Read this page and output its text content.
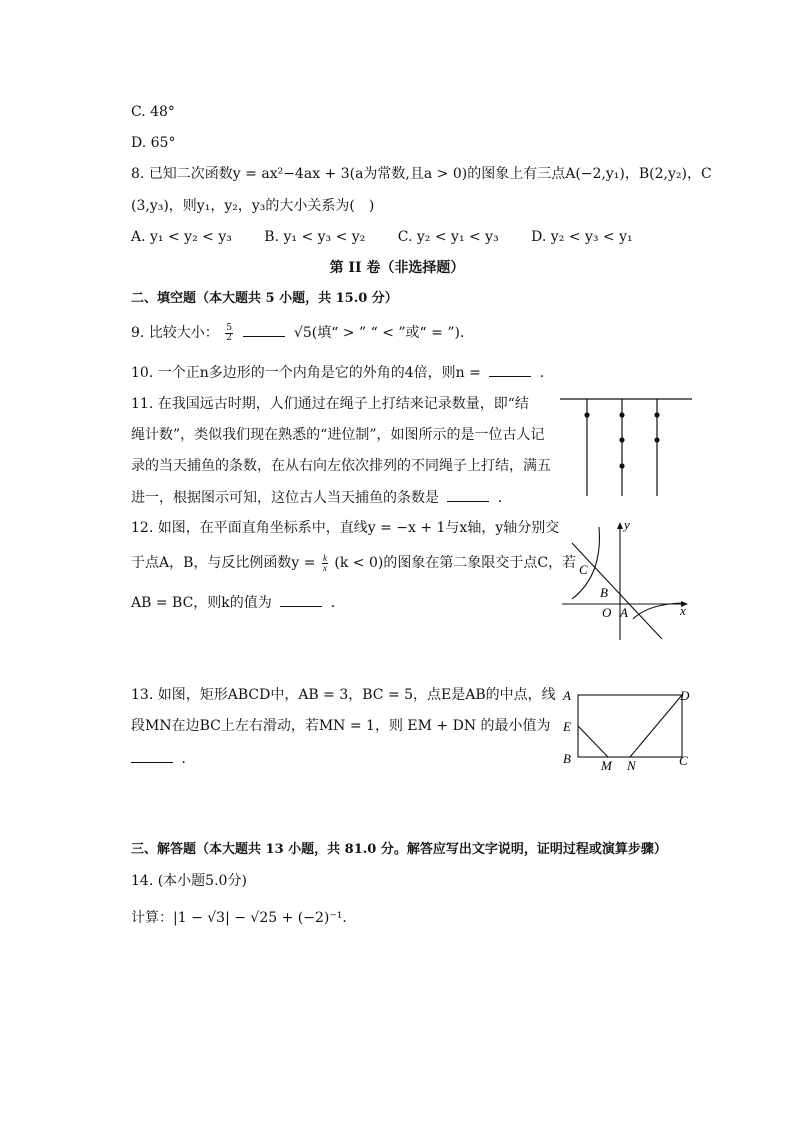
C. 48°
D. 65°
8. 已知二次函数y = ax²−4ax + 3(a为常数,且a > 0)的图象上有三点A(−2,y₁)，B(2,y₂)，C
(3,y₃)，则y₁，y₂，y₃的大小关系为(　)
A. y₁ < y₂ < y₃ B. y₁ < y₃ < y₂ C. y₂ < y₁ < y₃ D. y₂ < y₃ < y₁
第 II 卷（非选择题）
二、填空题（本大题共 5 小题，共 15.0 分）
9. 比较大小： $\frac{5}{2}$	√5(填“ > ” “ < ”或“ = ”)．
10. 一个正n多边形的一个内角是它的外角的4倍，则n =	．
11. 在我国远古时期，人们通过在绳子上打结来记录数量，即“结
绳计数”，类似我们现在熟悉的“进位制”，如图所示的是一位古人记
录的当天捕鱼的条数，在从右向左依次排列的不同绳子上打结，满五
进一，根据图示可知，这位古人当天捕鱼的条数是	．
12. 如图，在平面直角坐标系中，直线y = −x + 1与x轴，y轴分别交
于点A，B，与反比例函数$y = \frac{k}{x} (k < 0)$的图象在第二象限交于点C，若
AB = BC，则k的值为	．
y
C
B
O A	x
13. 如图，矩形ABCD中，AB = 3，BC = 5，点E是AB的中点，线
段MN在边BC上左右滑动，若MN = 1，则 EM + DN 的最小值为
．
A	D
E
B M N	C
三、解答题（本大题共 13 小题，共 81.0 分。解答应写出文字说明，证明过程或演算步骤）
14. (本小题5.0分)
计算：|1 − √3| − √25 + (−2)⁻¹．
